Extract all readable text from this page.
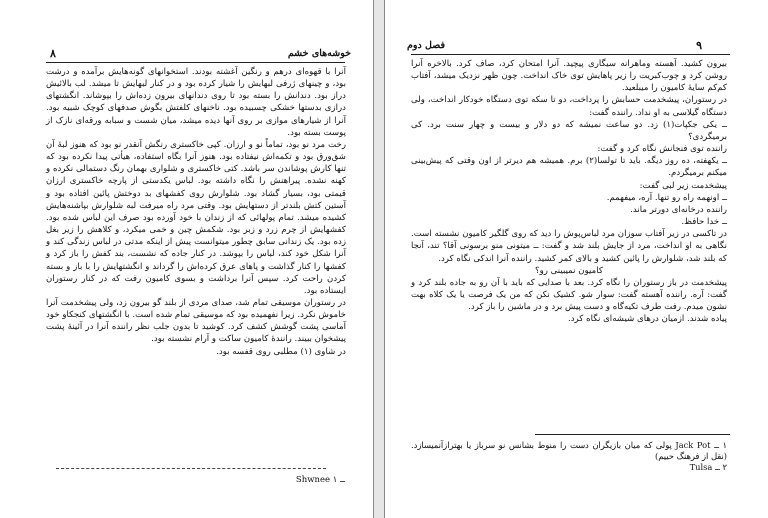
خوشه‌های خشم
۸

آنرا با قهوه‌ای درهم و رنگین آغشته بودند. استخوانهای گونه‌هایش برآمده و درشت بود، و چینهای ژرفی لبهایش را شیار کرده بود و در کنار لبهایش تا میشد. لب بالائیش دراز بود. دندانش را بسته بود تا روی دندانهای بیرون زده‌اش را بپوشاند. انگشتهای درازی بدستها خشکی چسبیده بود. ناخنهای کلفتش بگوش صدفهای کوچک شبیه بود. آنرا از شیارهای موازی بر روی آنها دیده میشد، میان شست و سبابه ورقه‌ای نازک از پوست بسته بود.

رخت مرد نو بود، تماماً نو و ارزان. کپی خاکستری رنگش آنقدر نو بود که هنوز لبهٔ آن شق‌ورق بود و تکمه‌اش نیفتاده بود. هنوز آنرا بگاه استفاده، هیأتی پیدا نکرده بود که تنها کارش پوشاندن سر باشد. کتی خاکستری و شلواری بهمان رنگ دستمالی نکرده و کهنه نشده. پیراهنش را نگاه داشته بود. لباس یکدستی از پارچه خاکستری ارزان قیمتی بود، بسیار گشاد بود. شلوارش روی کفشهای بد دوختش پائین افتاده بود و آستین کتش بلندتر از دستهایش بود. وقتی مرد راه میرفت لبه شلوارش بپاشنه‌هایش کشیده میشد. تمام پولهائی که از زندان با خود آورده بود صرف این لباس شده بود. کفشهایش از چرم زرد و زبر بود. شکمش چین و خمی میکرد، و کلاهش را زیر بغل زده بود. یک زندانی سابق چطور میتوانست پیش از اینکه مدتی در لباس زندگی کند و آنرا شکل خود کند، لباس را بپوشد. در کنار جاده که نشست، بند کفش را باز کرد و کفشها را کنار گذاشت و پاهای عرق کرده‌اش را گرداند و انگشتهایش را با باز و بسته کردن راحت کرد. سپس آنرا برداشت و بسوی کامیون رفت که در کنار رستوران ایستاده بود.

در رستوران موسیقی تمام شد، صدای مردی از بلند گو بیرون زد، ولی پیشخدمت آنرا خاموش نکرد. زیرا نفهمیده بود که موسیقی تمام شده است. با انگشتهای کنجکاو خود آماسی پشت گوشش کشف کرد. کوشید تا بدون جلب نظر راننده آنرا در آئینهٔ پشت پیشخوان ببیند. رانندهٔ کامیون ساکت و آرام نشسته بود.

در شاوی (۱) مطلبی روی قفسه بود.

Shwnee ــ ۱
۹
فصل دوم

بیرون کشید. آهسته وماهرانه سیگاری پیچید. آنرا امتحان کرد، صاف کرد. بالاخره آنرا روشن کرد و چوب‌کبریت را زیر پاهایش توی خاک انداخت. چون ظهر نزدیک میشد، آفتاب کم‌کم سایهٔ کامیون را میبلعید.

در رستوران، پیشخدمت حسابش را پرداخت، دو تا سکه توی دستگاه خودکار انداخت، ولی دستگاه گیلاسی به او نداد. راننده گفت:

ــ یکی جکپات(۱) زد. دو ساعت نمیشه که دو دلار و بیست و چهار سنت برد. کی برمیگردی؟

راننده توی فنجانش نگاه کرد و گفت:

ــ یکهفته، ده روز دیگه. باید تا تولسا(۲) برم. همیشه هم دیرتر از اون وقتی که پیش‌بینی میکنم برمیگردم.

پیشخدمت زیر لبی گفت:

ــ اونهمه راه رو تنها. آره، میفهمم.

راننده درخانه‌ای دورتر ماند.

ــ خدا حافظ.

در تاکسی در زیر آفتاب سوزان مرد لباس‌پوش را دید که روی گلگیر کامیون نشسته است. نگاهی به او انداخت، مرد از جایش بلند شد و گفت: ــ میتونی منو برسونی آقا؟ تند، آنجا که بلند شد، شلوارش را پائین کشید و بالای کمر کشید. راننده آنرا اندکی نگاه کرد.

کامیون نمیبینی رو؟

پیشخدمت در باز رستوران را نگاه کرد. بعد با صدایی که باید با آن رو به جاده بلند کرد و گفت: آره. راننده آهسته گفت: سوار شو. کشیک نکن که من یک فرصت یا یک کلاه بهت نشون میدم. رفت طرف تکیه‌گاه و دست پیش برد و در ماشین را باز کرد.

پیاده شدند. ازمیان درهای شیشه‌ای نگاه کرد.

۱ ــ Jack Pot پولی که میان بازیگران دست را منوط بشانس نو سرباز یا بهترازآنمیسازد. (نقل از فرهنگ حییم)

۲ ــ Tulsa
